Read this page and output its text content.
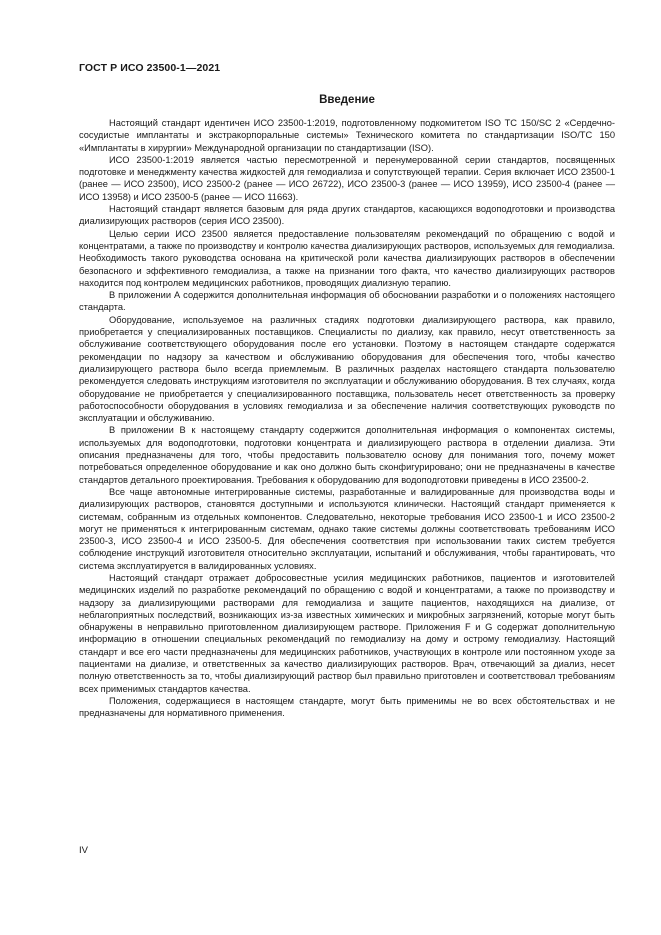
ГОСТ Р ИСО 23500-1—2021
Введение

Настоящий стандарт идентичен ИСО 23500-1:2019, подготовленному подкомитетом ISO TC 150/SC 2 «Сердечно-сосудистые имплантаты и экстракорпоральные системы» Технического комитета по стандартизации ISO/TC 150 «Имплантаты в хирургии» Международной организации по стандартизации (ISO).

ИСО 23500-1:2019 является частью пересмотренной и перенумерованной серии стандартов, посвященных подготовке и менеджменту качества жидкостей для гемодиализа и сопутствующей терапии. Серия включает ИСО 23500-1 (ранее — ИСО 23500), ИСО 23500-2 (ранее — ИСО 26722), ИСО 23500-3 (ранее — ИСО 13959), ИСО 23500-4 (ранее — ИСО 13958) и ИСО 23500-5 (ранее — ИСО 11663).

Настоящий стандарт является базовым для ряда других стандартов, касающихся водоподготовки и производства диализирующих растворов (серия ИСО 23500).

Целью серии ИСО 23500 является предоставление пользователям рекомендаций по обращению с водой и концентратами, а также по производству и контролю качества диализирующих растворов, используемых для гемодиализа. Необходимость такого руководства основана на критической роли качества диализирующих растворов в обеспечении безопасного и эффективного гемодиализа, а также на признании того факта, что качество диализирующих растворов находится под контролем медицинских работников, проводящих диализную терапию.

В приложении А содержится дополнительная информация об обосновании разработки и о положениях настоящего стандарта.

Оборудование, используемое на различных стадиях подготовки диализирующего раствора, как правило, приобретается у специализированных поставщиков. Специалисты по диализу, как правило, несут ответственность за обслуживание соответствующего оборудования после его установки. Поэтому в настоящем стандарте содержатся рекомендации по надзору за качеством и обслуживанию оборудования для обеспечения того, чтобы качество диализирующего раствора было всегда приемлемым. В различных разделах настоящего стандарта пользователю рекомендуется следовать инструкциям изготовителя по эксплуатации и обслуживанию оборудования. В тех случаях, когда оборудование не приобретается у специализированного поставщика, пользователь несет ответственность за проверку работоспособности оборудования в условиях гемодиализа и за обеспечение наличия соответствующих руководств по эксплуатации и обслуживанию.

В приложении В к настоящему стандарту содержится дополнительная информация о компонентах системы, используемых для водоподготовки, подготовки концентрата и диализирующего раствора в отделении диализа. Эти описания предназначены для того, чтобы предоставить пользователю основу для понимания того, почему может потребоваться определенное оборудование и как оно должно быть сконфигурировано; они не предназначены в качестве стандартов детального проектирования. Требования к оборудованию для водоподготовки приведены в ИСО 23500-2.

Все чаще автономные интегрированные системы, разработанные и валидированные для производства воды и диализирующих растворов, становятся доступными и используются клинически. Настоящий стандарт применяется к системам, собранным из отдельных компонентов. Следовательно, некоторые требования ИСО 23500-1 и ИСО 23500-2 могут не применяться к интегрированным системам, однако такие системы должны соответствовать требованиям ИСО 23500-3, ИСО 23500-4 и ИСО 23500-5. Для обеспечения соответствия при использовании таких систем требуется соблюдение инструкций изготовителя относительно эксплуатации, испытаний и обслуживания, чтобы гарантировать, что система эксплуатируется в валидированных условиях.

Настоящий стандарт отражает добросовестные усилия медицинских работников, пациентов и изготовителей медицинских изделий по разработке рекомендаций по обращению с водой и концентратами, а также по производству и надзору за диализирующими растворами для гемодиализа и защите пациентов, находящихся на диализе, от неблагоприятных последствий, возникающих из-за известных химических и микробных загрязнений, которые могут быть обнаружены в неправильно приготовленном диализирующем растворе. Приложения F и G содержат дополнительную информацию в отношении специальных рекомендаций по гемодиализу на дому и острому гемодиализу. Настоящий стандарт и все его части предназначены для медицинских работников, участвующих в контроле или постоянном уходе за пациентами на диализе, и ответственных за качество диализирующих растворов. Врач, отвечающий за диализ, несет полную ответственность за то, чтобы диализирующий раствор был правильно приготовлен и соответствовал требованиям всех применимых стандартов качества.

Положения, содержащиеся в настоящем стандарте, могут быть применимы не во всех обстоятельствах и не предназначены для нормативного применения.

IV
